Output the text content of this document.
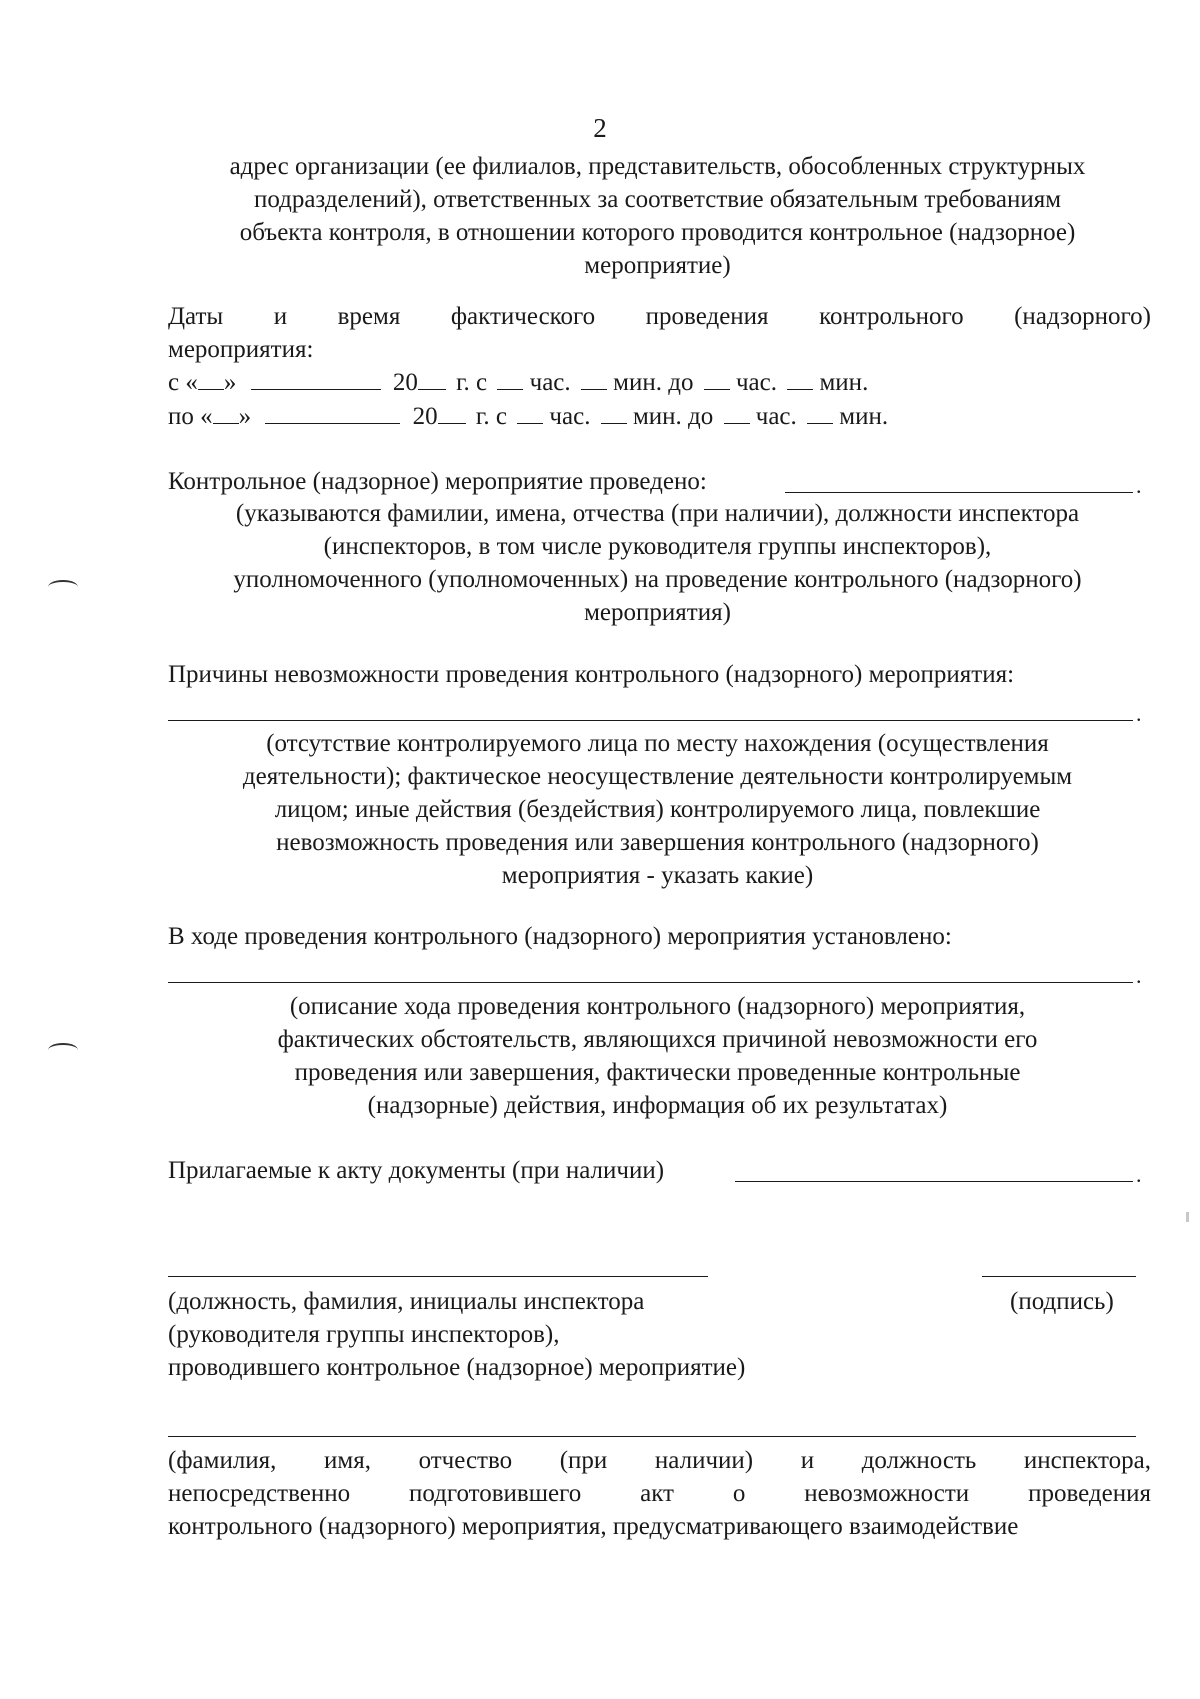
2
адрес организации (ее филиалов, представительств, обособленных структурных
подразделений), ответственных за соответствие обязательным требованиям
объекта контроля, в отношении которого проводится контрольное (надзорное)
мероприятие)
Даты и время фактического проведения контрольного (надзорного)
мероприятия:
с « »	20 г. с час. мин. до час. мин.
по « »	20 г. с час. мин. до час. мин.
Контрольное (надзорное) мероприятие проведено:	.
(указываются фамилии, имена, отчества (при наличии), должности инспектора
(инспекторов, в том числе руководителя группы инспекторов),
уполномоченного (уполномоченных) на проведение контрольного (надзорного)
мероприятия)
Причины невозможности проведения контрольного (надзорного) мероприятия:
.
(отсутствие контролируемого лица по месту нахождения (осуществления
деятельности); фактическое неосуществление деятельности контролируемым
лицом; иные действия (бездействия) контролируемого лица, повлекшие
невозможность проведения или завершения контрольного (надзорного)
мероприятия - указать какие)
В ходе проведения контрольного (надзорного) мероприятия установлено:
.
(описание хода проведения контрольного (надзорного) мероприятия,
фактических обстоятельств, являющихся причиной невозможности его
проведения или завершения, фактически проведенные контрольные
(надзорные) действия, информация об их результатах)
Прилагаемые к акту документы (при наличии)	.
(должность, фамилия, инициалы инспектора
(руководителя группы инспекторов),
проводившего контрольное (надзорное) мероприятие)
(подпись)
(фамилия, имя, отчество (при наличии) и должность инспектора,
непосредственно подготовившего акт о невозможности проведения
контрольного (надзорного) мероприятия, предусматривающего взаимодействие
